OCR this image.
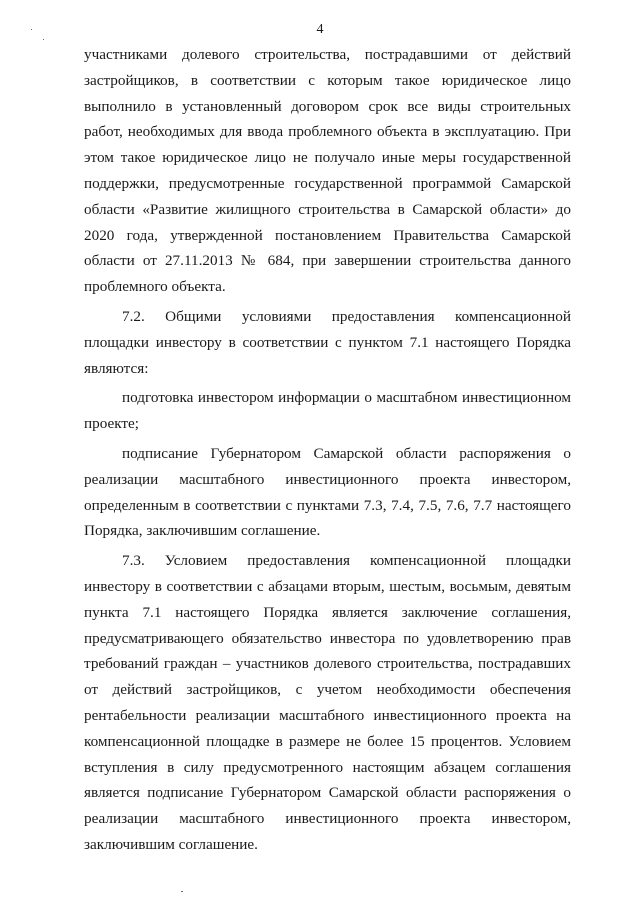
4

участниками долевого строительства, пострадавшими от действий застройщиков, в соответствии с которым такое юридическое лицо выполнило в установленный договором срок все виды строительных работ, необходимых для ввода проблемного объекта в эксплуатацию. При этом такое юридическое лицо не получало иные меры государственной поддержки, предусмотренные государственной программой Самарской области «Развитие жилищного строительства в Самарской области» до 2020 года, утвержденной постановлением Правительства Самарской области от 27.11.2013 № 684, при завершении строительства данного проблемного объекта.

7.2. Общими условиями предоставления компенсационной площадки инвестору в соответствии с пунктом 7.1 настоящего Порядка являются:

подготовка инвестором информации о масштабном инвестиционном проекте;

подписание Губернатором Самарской области распоряжения о реализации масштабного инвестиционного проекта инвестором, определенным в соответствии с пунктами 7.3, 7.4, 7.5, 7.6, 7.7 настоящего Порядка, заключившим соглашение.

7.3. Условием предоставления компенсационной площадки инвестору в соответствии с абзацами вторым, шестым, восьмым, девятым пункта 7.1 настоящего Порядка является заключение соглашения, предусматривающего обязательство инвестора по удовлетворению прав требований граждан – участников долевого строительства, пострадавших от действий застройщиков, с учетом необходимости обеспечения рентабельности реализации масштабного инвестиционного проекта на компенсационной площадке в размере не более 15 процентов. Условием вступления в силу предусмотренного настоящим абзацем соглашения является подписание Губернатором Самарской области распоряжения о реализации масштабного инвестиционного проекта инвестором, заключившим соглашение.
